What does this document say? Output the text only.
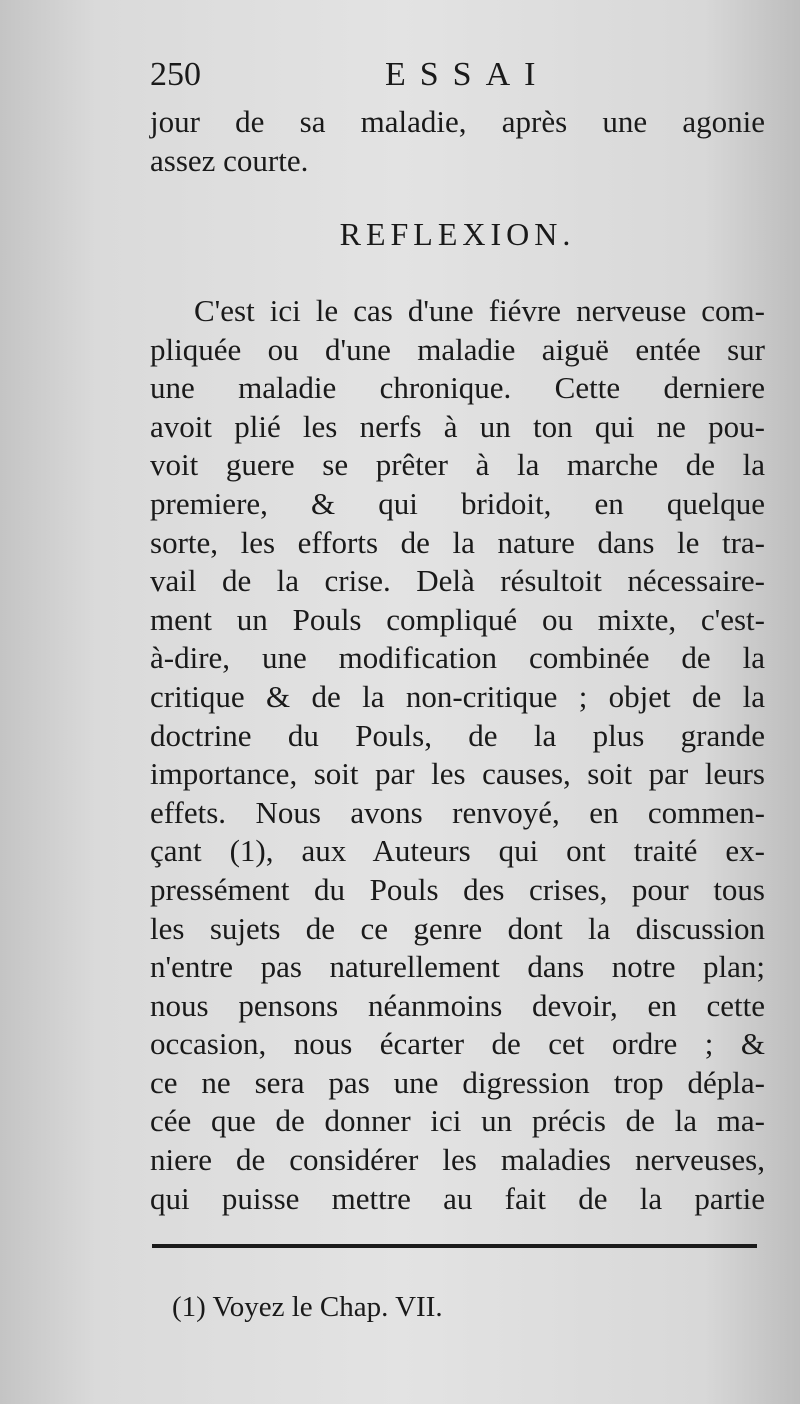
250	ESSAI
jour de sa maladie, après une agonie
assez courte.
REFLEXION.
C'est ici le cas d'une fiévre nerveuse com-
pliquée ou d'une maladie aiguë entée sur
une maladie chronique. Cette derniere
avoit plié les nerfs à un ton qui ne pou-
voit guere se prêter à la marche de la
premiere, & qui bridoit, en quelque
sorte, les efforts de la nature dans le tra-
vail de la crise. Delà résultoit nécessaire-
ment un Pouls compliqué ou mixte, c'est-
à-dire, une modification combinée de la
critique & de la non-critique ; objet de la
doctrine du Pouls, de la plus grande
importance, soit par les causes, soit par leurs
effets. Nous avons renvoyé, en commen-
çant (1), aux Auteurs qui ont traité ex-
pressément du Pouls des crises, pour tous
les sujets de ce genre dont la discussion
n'entre pas naturellement dans notre plan;
nous pensons néanmoins devoir, en cette
occasion, nous écarter de cet ordre ; &
ce ne sera pas une digression trop dépla-
cée que de donner ici un précis de la ma-
niere de considérer les maladies nerveuses,
qui puisse mettre au fait de la partie
(1) Voyez le Chap. VII.
